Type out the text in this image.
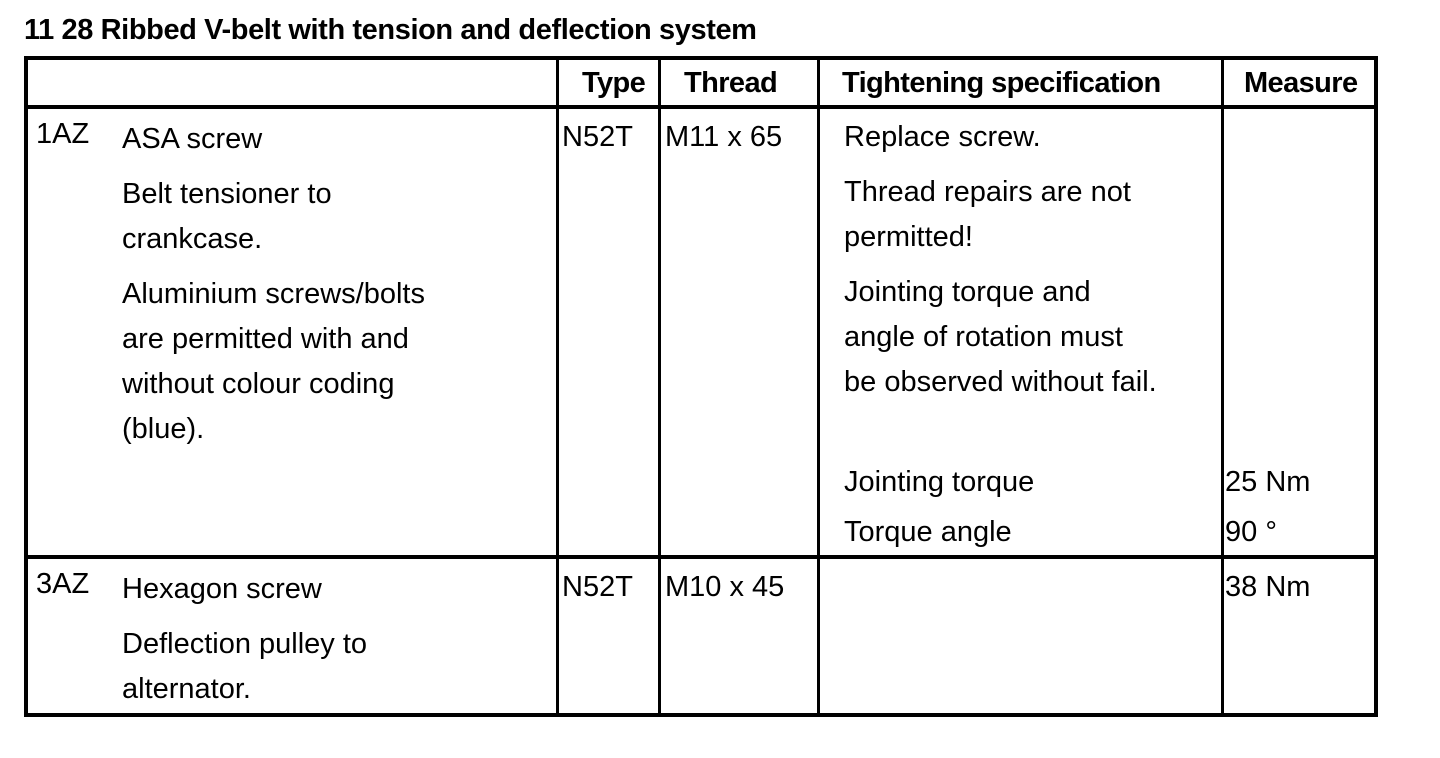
11 28 Ribbed V-belt with tension and deflection system
Type Thread Tightening specification	Measure
1AZ ASA screw
Belt tensioner to
crankcase.
Aluminium screws/bolts
are permitted with and
without colour coding
(blue).
N52T M11 x 65 Replace screw.
Thread repairs are not
permitted!
Jointing torque and
angle of rotation must
be observed without fail.
Jointing torque
Torque angle
25 Nm
90 °
3AZ Hexagon screw
Deflection pulley to
alternator.
N52T M10 x 45	38 Nm
